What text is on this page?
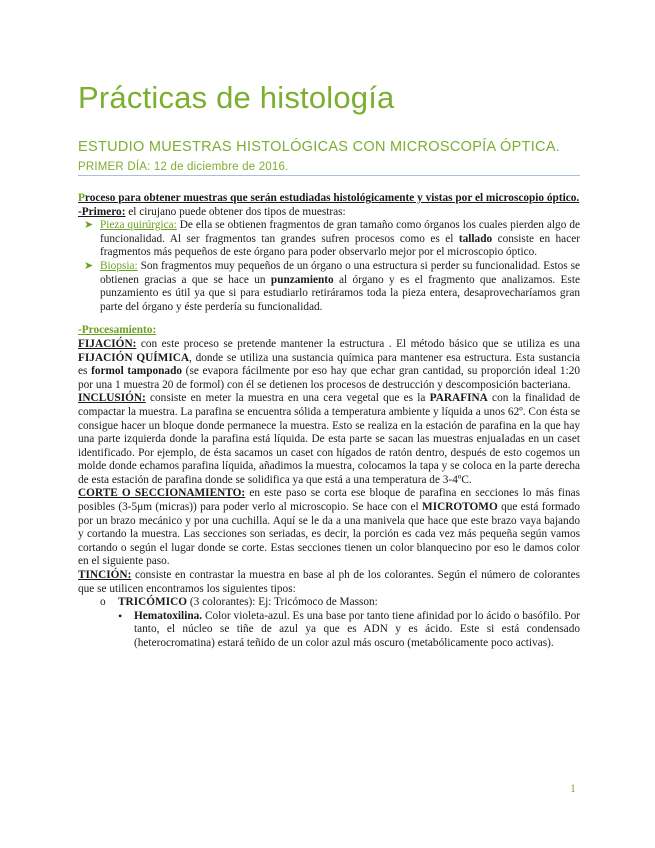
Prácticas de histología
ESTUDIO MUESTRAS HISTOLÓGICAS CON MICROSCOPÍA ÓPTICA.
PRIMER DÍA: 12 de diciembre de 2016.

Proceso para obtener muestras que serán estudiadas histológicamente y vistas por el microscopio óptico.

-Primero: el cirujano puede obtener dos tipos de muestras:

➤ Pieza quirúrgica: De ella se obtienen fragmentos de gran tamaño como órganos los cuales pierden algo de funcionalidad. Al ser fragmentos tan grandes sufren procesos como es el tallado consiste en hacer fragmentos más pequeños de este órgano para poder observarlo mejor por el microscopio óptico.
➤ Biopsia: Son fragmentos muy pequeños de un órgano o una estructura si perder su funcionalidad. Estos se obtienen gracias a que se hace un punzamiento al órgano y es el fragmento que analizamos. Este punzamiento es útil ya que si para estudiarlo retiráramos toda la pieza entera, desaprovecharíamos gran parte del órgano y éste perdería su funcionalidad.

-Procesamiento:

FIJACIÓN: con este proceso se pretende mantener la estructura . El método básico que se utiliza es una FIJACIÓN QUÍMICA, donde se utiliza una sustancia química para mantener esa estructura. Esta sustancia es formol tamponado (se evapora fácilmente por eso hay que echar gran cantidad, su proporción ideal 1:20 por una 1 muestra 20 de formol) con él se detienen los procesos de destrucción y descomposición bacteriana.

INCLUSIÓN: consiste en meter la muestra en una cera vegetal que es la PARAFINA con la finalidad de compactar la muestra. La parafina se encuentra sólida a temperatura ambiente y líquida a unos 62º. Con ésta se consigue hacer un bloque donde permanece la muestra. Esto se realiza en la estación de parafina en la que hay una parte izquierda donde la parafina está líquida. De esta parte se sacan las muestras enjuaIadas en un caset identificado. Por ejemplo, de ésta sacamos un caset con hígados de ratón dentro, después de esto cogemos un molde donde echamos parafina líquida, añadimos la muestra, colocamos la tapa y se coloca en la parte derecha de esta estación de parafina donde se solidifica ya que está a una temperatura de 3-4ºC.

CORTE O SECCIONAMIENTO: en este paso se corta ese bloque de parafina en secciones lo más finas posibles (3-5μm (micras)) para poder verlo al microscopio. Se hace con el MICROTOMO que está formado por un brazo mecánico y por una cuchilla. Aquí se le da a una manivela que hace que este brazo vaya bajando y cortando la muestra. Las secciones son seriadas, es decir, la porción es cada vez más pequeña según vamos cortando o según el lugar donde se corte. Estas secciones tienen un color blanquecino por eso le damos color en el siguiente paso.

TINCIÓN: consiste en contrastar la muestra en base al ph de los colorantes. Según el número de colorantes que se utilicen encontramos los siguientes tipos:

o TRICÓMICO (3 colorantes): Ej: Tricómoco de Masson:

• Hematoxilina. Color violeta-azul. Es una base por tanto tiene afinidad por lo ácido o basófilo. Por tanto, el núcleo se tiñe de azul ya que es ADN y es ácido. Este si está condensado (heterocromatina) estará teñido de un color azul más oscuro (metabólicamente poco activas).

1
